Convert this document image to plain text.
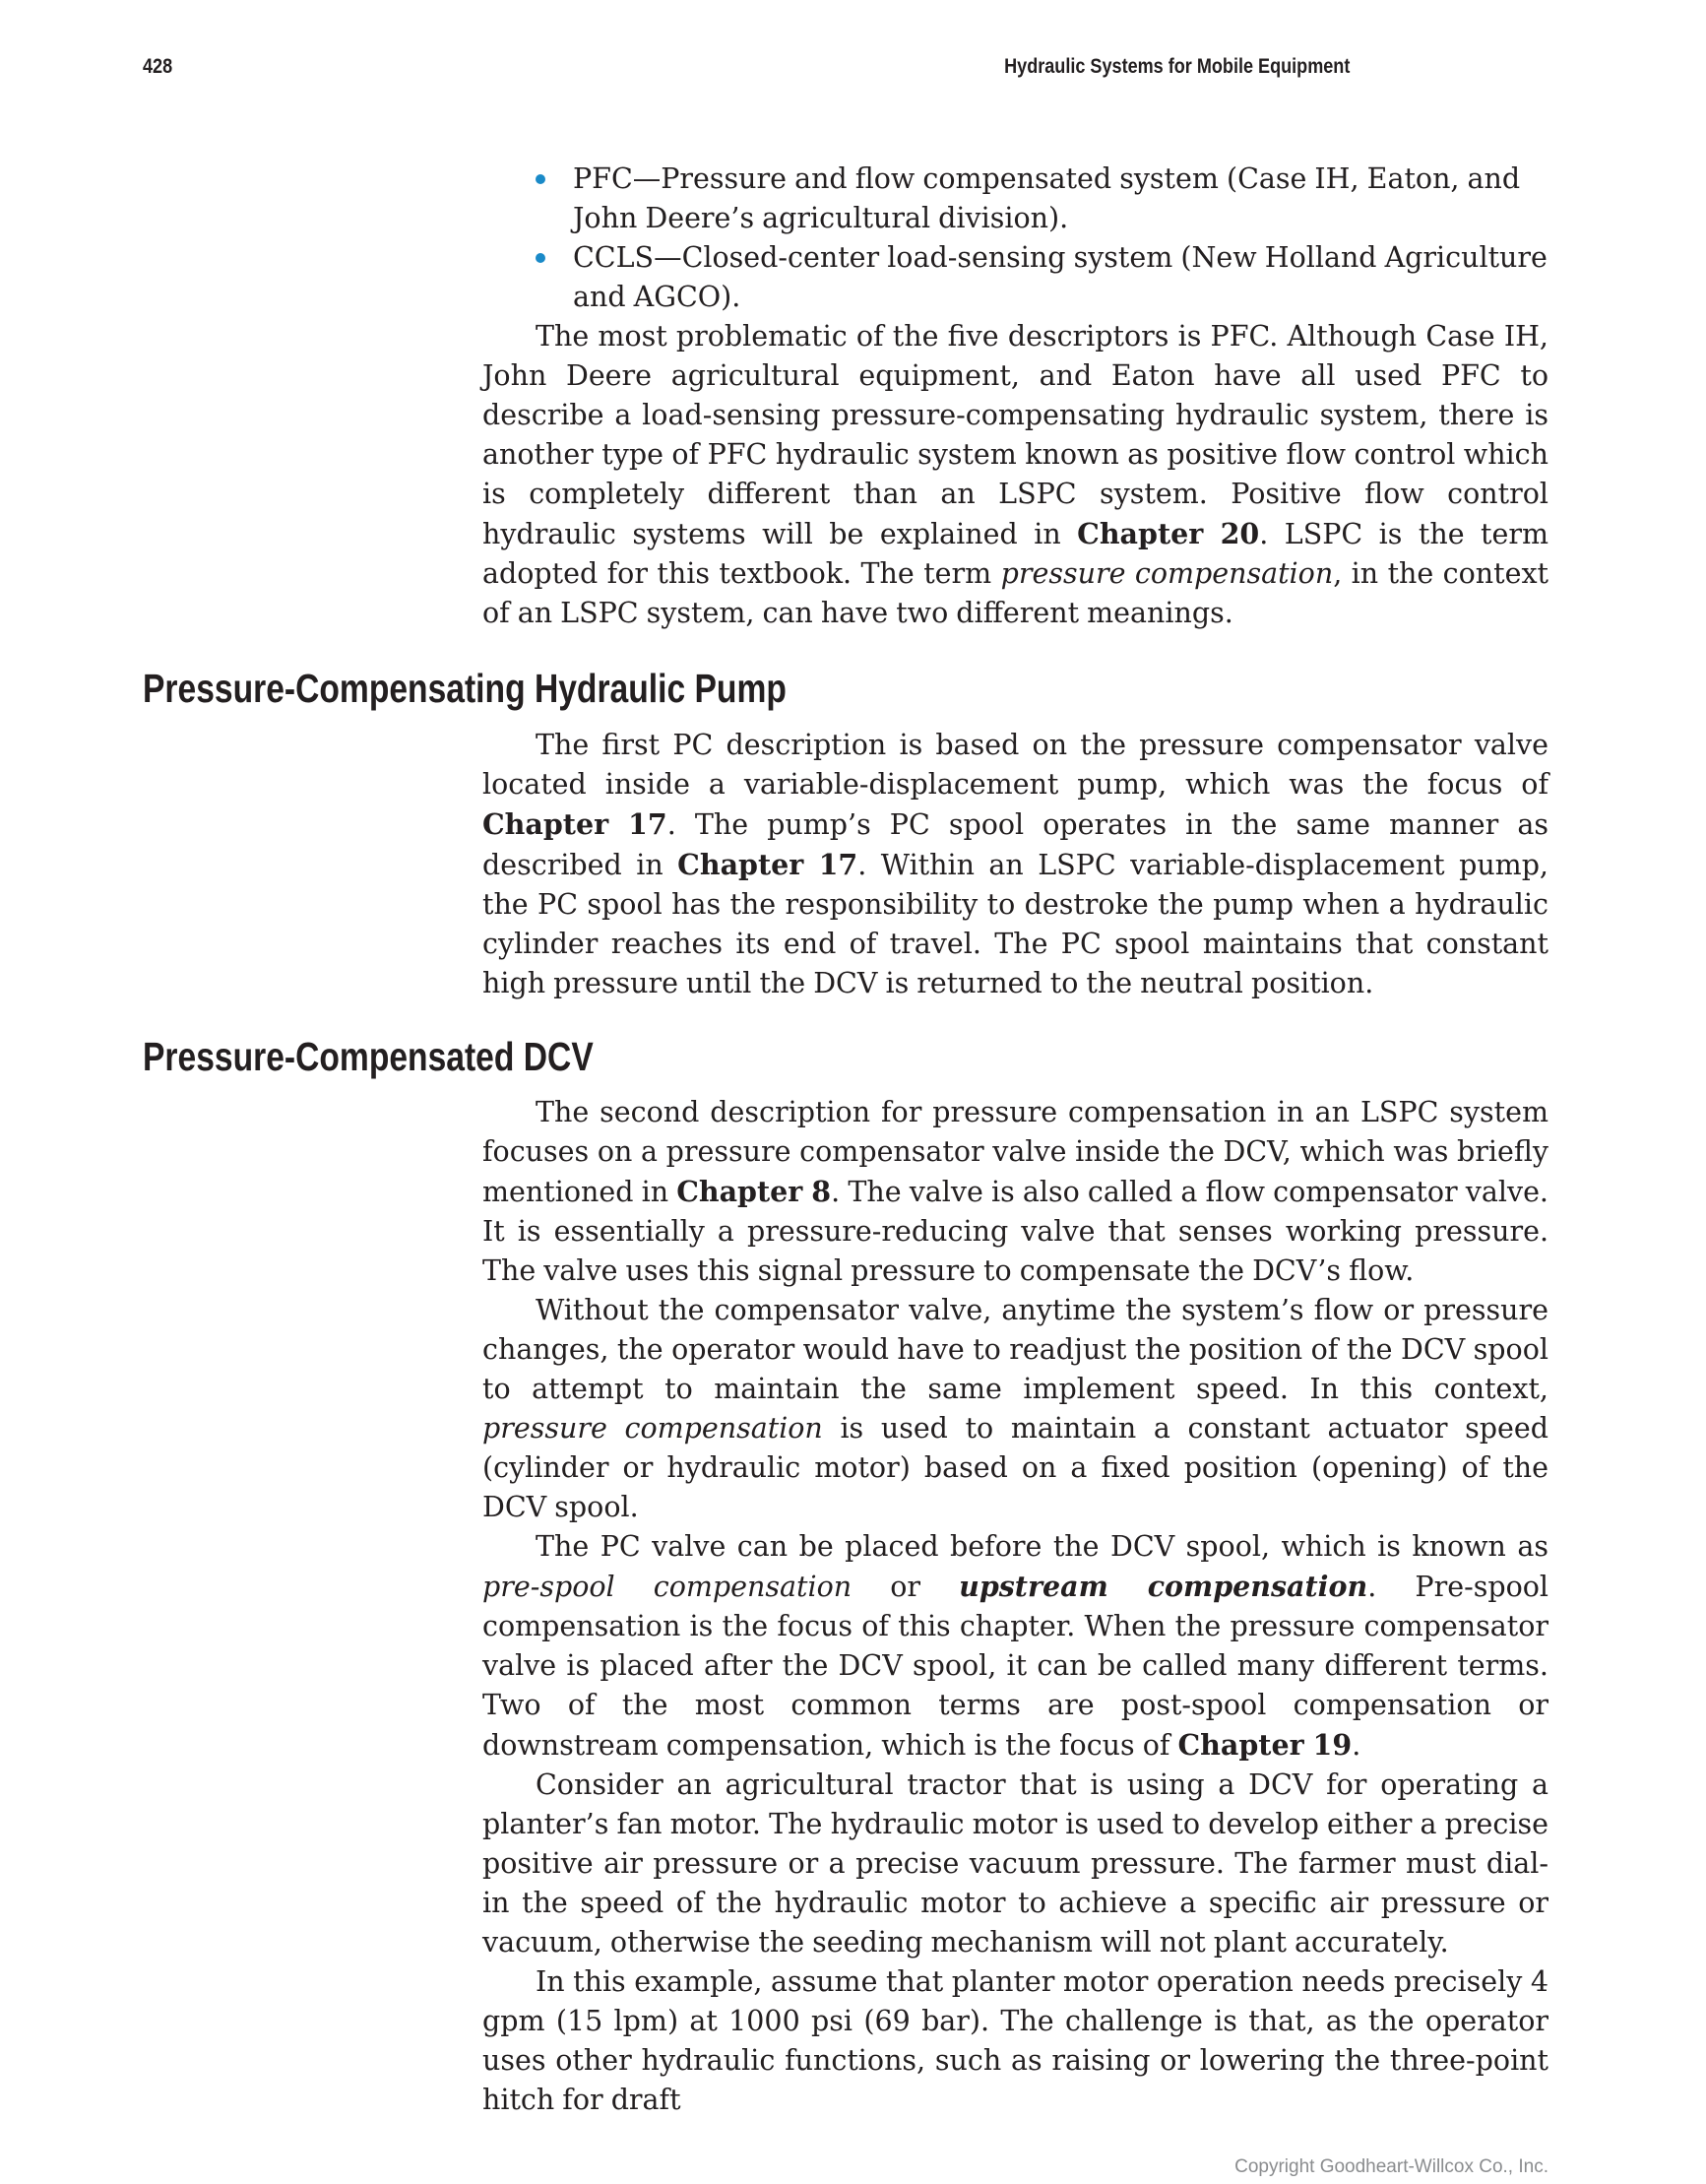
428	Hydraulic Systems for Mobile Equipment
PFC—Pressure and flow compensated system (Case IH, Eaton, and John Deere’s agricultural division).
CCLS—Closed-center load-sensing system (New Holland Agriculture and AGCO).

The most problematic of the five descriptors is PFC. Although Case IH, John Deere agricultural equipment, and Eaton have all used PFC to describe a load-sensing pressure-compensating hydraulic system, there is another type of PFC hydraulic system known as positive flow control which is completely different than an LSPC system. Positive flow control hydraulic systems will be explained in Chapter 20. LSPC is the term adopted for this textbook. The term pressure compensation, in the context of an LSPC system, can have two different meanings.

Pressure-Compensating Hydraulic Pump

The first PC description is based on the pressure compensator valve located inside a variable-displacement pump, which was the focus of Chapter 17. The pump’s PC spool operates in the same manner as described in Chapter 17. Within an LSPC variable-displacement pump, the PC spool has the responsibility to destroke the pump when a hydraulic cylinder reaches its end of travel. The PC spool maintains that constant high pressure until the DCV is returned to the neutral position.

Pressure-Compensated DCV

The second description for pressure compensation in an LSPC system focuses on a pressure compensator valve inside the DCV, which was briefly mentioned in Chapter 8. The valve is also called a flow compensator valve. It is essentially a pressure-reducing valve that senses working pressure. The valve uses this signal pressure to compensate the DCV’s flow.

Without the compensator valve, anytime the system’s flow or pressure changes, the operator would have to readjust the position of the DCV spool to attempt to maintain the same implement speed. In this context, pressure compensation is used to maintain a constant actuator speed (cylinder or hydraulic motor) based on a fixed position (opening) of the DCV spool.

The PC valve can be placed before the DCV spool, which is known as pre-spool compensation or upstream compensation. Pre-spool compensation is the focus of this chapter. When the pressure compensator valve is placed after the DCV spool, it can be called many different terms. Two of the most common terms are post-spool compensation or downstream compensation, which is the focus of Chapter 19.

Consider an agricultural tractor that is using a DCV for operating a planter’s fan motor. The hydraulic motor is used to develop either a precise positive air pressure or a precise vacuum pressure. The farmer must dial-in the speed of the hydraulic motor to achieve a specific air pressure or vacuum, otherwise the seeding mechanism will not plant accurately.

In this example, assume that planter motor operation needs precisely 4 gpm (15 lpm) at 1000 psi (69 bar). The challenge is that, as the operator uses other hydraulic functions, such as raising or lowering the three-point hitch for draft

Copyright Goodheart-Willcox Co., Inc.
